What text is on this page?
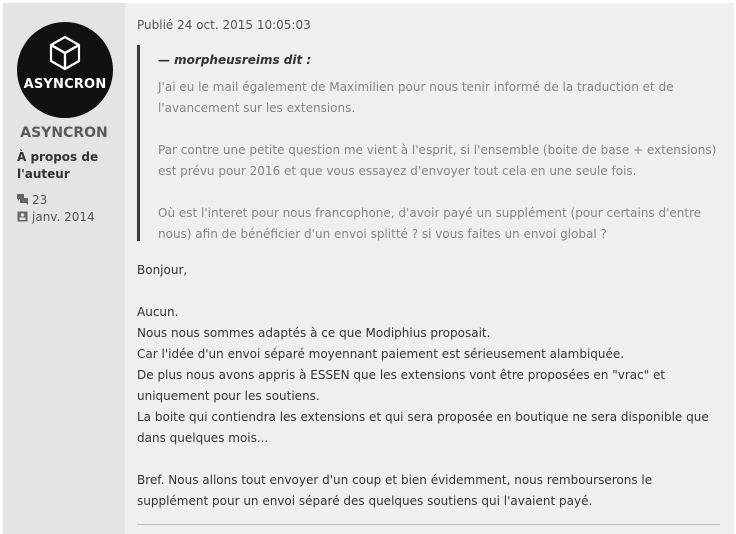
ASYNCRON
ASYNCRON
À propos de l'auteur
23
janv. 2014
Publié 24 oct. 2015 10:05:03
— morpheusreims dit :

J'ai eu le mail également de Maximilien pour nous tenir informé de la traduction et de l'avancement sur les extensions.

Par contre une petite question me vient à l'esprit, si l'ensemble (boite de base + extensions) est prévu pour 2016 et que vous essayez d'envoyer tout cela en une seule fois.

Où est l'interet pour nous francophone, d'avoir payé un supplément (pour certains d'entre nous) afin de bénéficier d'un envoi splitté ? si vous faites un envoi global ?

Bonjour,

Aucun.

Nous nous sommes adaptés à ce que Modiphius proposait.

Car l'idée d'un envoi séparé moyennant paiement est sérieusement alambiquée.

De plus nous avons appris à ESSEN que les extensions vont être proposées en "vrac" et uniquement pour les soutiens.

La boite qui contiendra les extensions et qui sera proposée en boutique ne sera disponible que dans quelques mois...

Bref. Nous allons tout envoyer d'un coup et bien évidemment, nous rembourserons le supplément pour un envoi séparé des quelques soutiens qui l'avaient payé.
